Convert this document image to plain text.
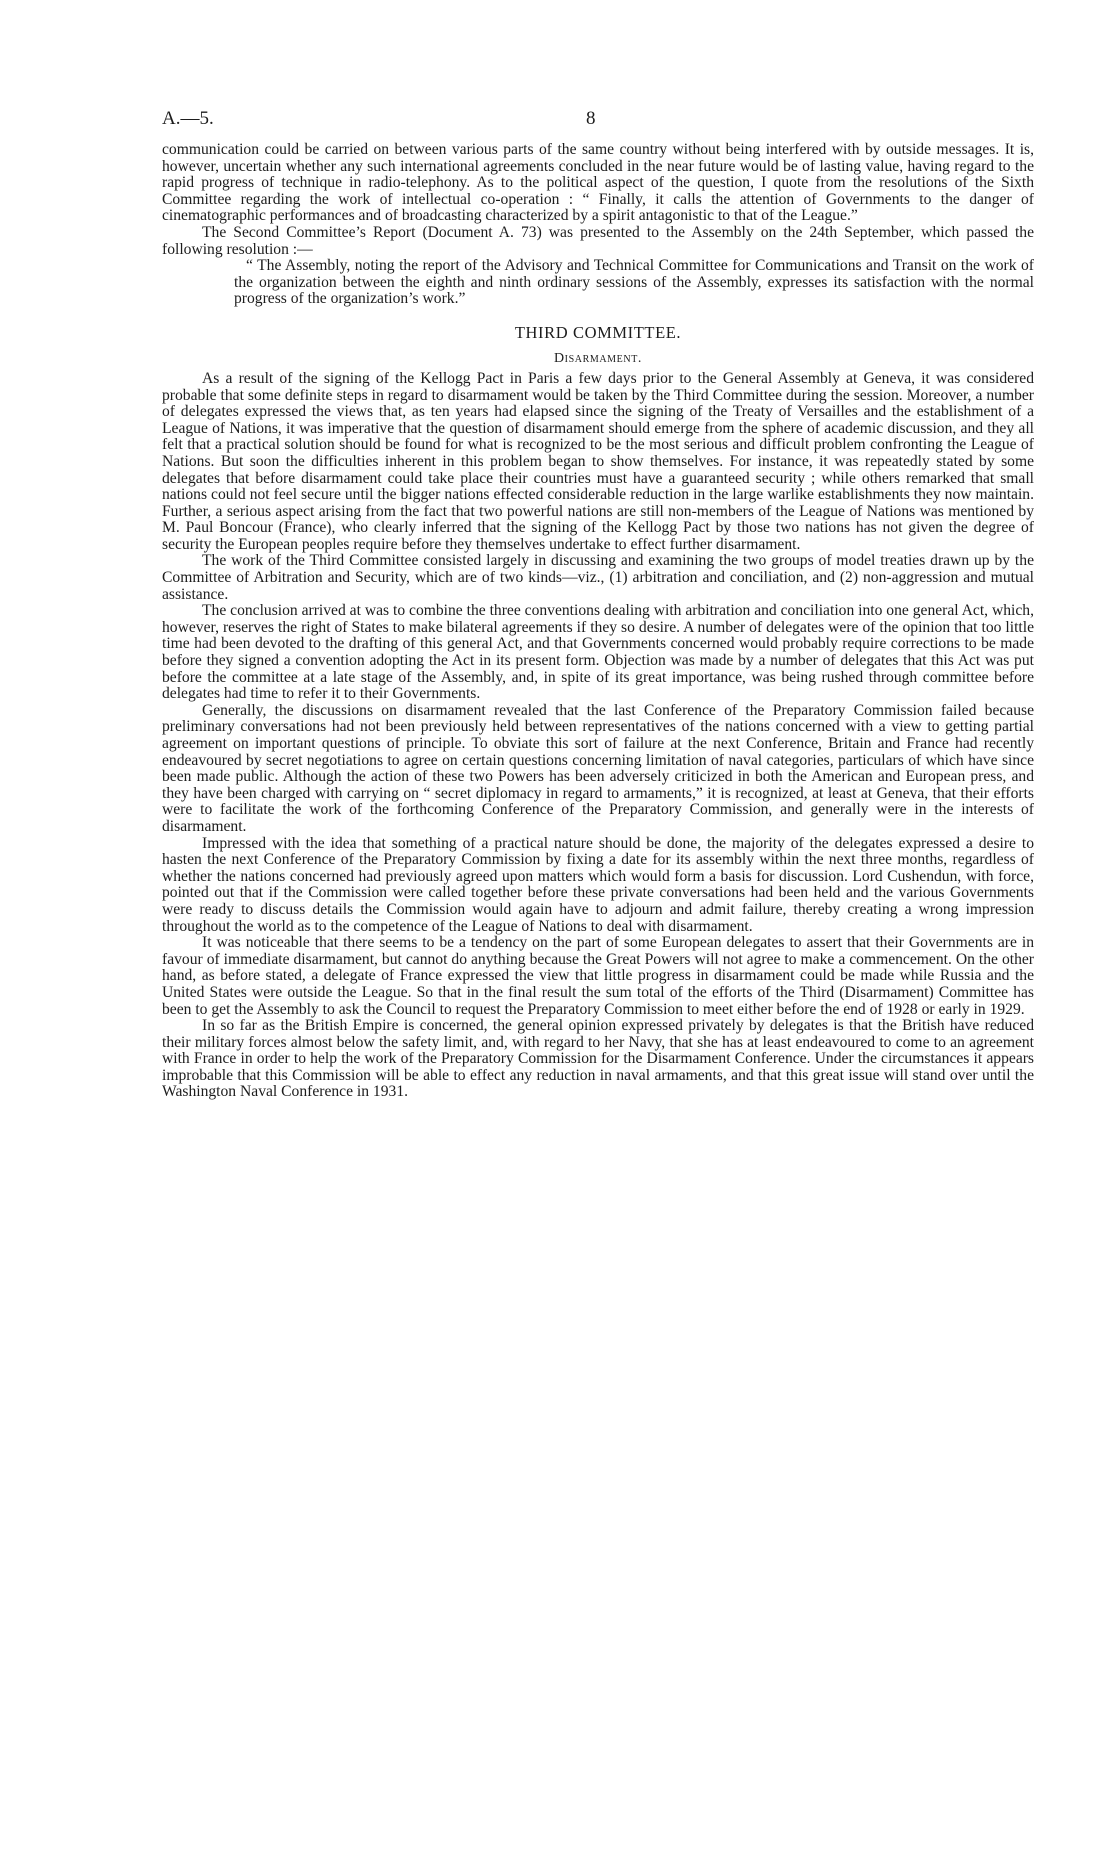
A.—5.	8

communication could be carried on between various parts of the same country without being interfered with by outside messages. It is, however, uncertain whether any such international agreements concluded in the near future would be of lasting value, having regard to the rapid progress of technique in radio-telephony. As to the political aspect of the question, I quote from the resolutions of the Sixth Committee regarding the work of intellectual co-operation : “ Finally, it calls the attention of Governments to the danger of cinematographic performances and of broadcasting characterized by a spirit antagonistic to that of the League.”

The Second Committee’s Report (Document A. 73) was presented to the Assembly on the 24th September, which passed the following resolution :—

“ The Assembly, noting the report of the Advisory and Technical Committee for Communications and Transit on the work of the organization between the eighth and ninth ordinary sessions of the Assembly, expresses its satisfaction with the normal progress of the organization’s work.”

THIRD COMMITTEE.
Disarmament.

As a result of the signing of the Kellogg Pact in Paris a few days prior to the General Assembly at Geneva, it was considered probable that some definite steps in regard to disarmament would be taken by the Third Committee during the session. Moreover, a number of delegates expressed the views that, as ten years had elapsed since the signing of the Treaty of Versailles and the establishment of a League of Nations, it was imperative that the question of disarmament should emerge from the sphere of academic discussion, and they all felt that a practical solution should be found for what is recognized to be the most serious and difficult problem confronting the League of Nations. But soon the difficulties inherent in this problem began to show themselves. For instance, it was repeatedly stated by some delegates that before disarmament could take place their countries must have a guaranteed security ; while others remarked that small nations could not feel secure until the bigger nations effected considerable reduction in the large warlike establishments they now maintain. Further, a serious aspect arising from the fact that two powerful nations are still non-members of the League of Nations was mentioned by M. Paul Boncour (France), who clearly inferred that the signing of the Kellogg Pact by those two nations has not given the degree of security the European peoples require before they themselves undertake to effect further disarmament.

The work of the Third Committee consisted largely in discussing and examining the two groups of model treaties drawn up by the Committee of Arbitration and Security, which are of two kinds—viz., (1) arbitration and conciliation, and (2) non-aggression and mutual assistance.

The conclusion arrived at was to combine the three conventions dealing with arbitration and conciliation into one general Act, which, however, reserves the right of States to make bilateral agreements if they so desire. A number of delegates were of the opinion that too little time had been devoted to the drafting of this general Act, and that Governments concerned would probably require corrections to be made before they signed a convention adopting the Act in its present form. Objection was made by a number of delegates that this Act was put before the committee at a late stage of the Assembly, and, in spite of its great importance, was being rushed through committee before delegates had time to refer it to their Governments.

Generally, the discussions on disarmament revealed that the last Conference of the Preparatory Commission failed because preliminary conversations had not been previously held between representatives of the nations concerned with a view to getting partial agreement on important questions of principle. To obviate this sort of failure at the next Conference, Britain and France had recently endeavoured by secret negotiations to agree on certain questions concerning limitation of naval categories, particulars of which have since been made public. Although the action of these two Powers has been adversely criticized in both the American and European press, and they have been charged with carrying on “ secret diplomacy in regard to armaments,” it is recognized, at least at Geneva, that their efforts were to facilitate the work of the forthcoming Conference of the Preparatory Commission, and generally were in the interests of disarmament.

Impressed with the idea that something of a practical nature should be done, the majority of the delegates expressed a desire to hasten the next Conference of the Preparatory Commission by fixing a date for its assembly within the next three months, regardless of whether the nations concerned had previously agreed upon matters which would form a basis for discussion. Lord Cushendun, with force, pointed out that if the Commission were called together before these private conversations had been held and the various Governments were ready to discuss details the Commission would again have to adjourn and admit failure, thereby creating a wrong impression throughout the world as to the competence of the League of Nations to deal with disarmament.

It was noticeable that there seems to be a tendency on the part of some European delegates to assert that their Governments are in favour of immediate disarmament, but cannot do anything because the Great Powers will not agree to make a commencement. On the other hand, as before stated, a delegate of France expressed the view that little progress in disarmament could be made while Russia and the United States were outside the League. So that in the final result the sum total of the efforts of the Third (Disarmament) Committee has been to get the Assembly to ask the Council to request the Preparatory Commission to meet either before the end of 1928 or early in 1929.

In so far as the British Empire is concerned, the general opinion expressed privately by delegates is that the British have reduced their military forces almost below the safety limit, and, with regard to her Navy, that she has at least endeavoured to come to an agreement with France in order to help the work of the Preparatory Commission for the Disarmament Conference. Under the circumstances it appears improbable that this Commission will be able to effect any reduction in naval armaments, and that this great issue will stand over until the Washington Naval Conference in 1931.
